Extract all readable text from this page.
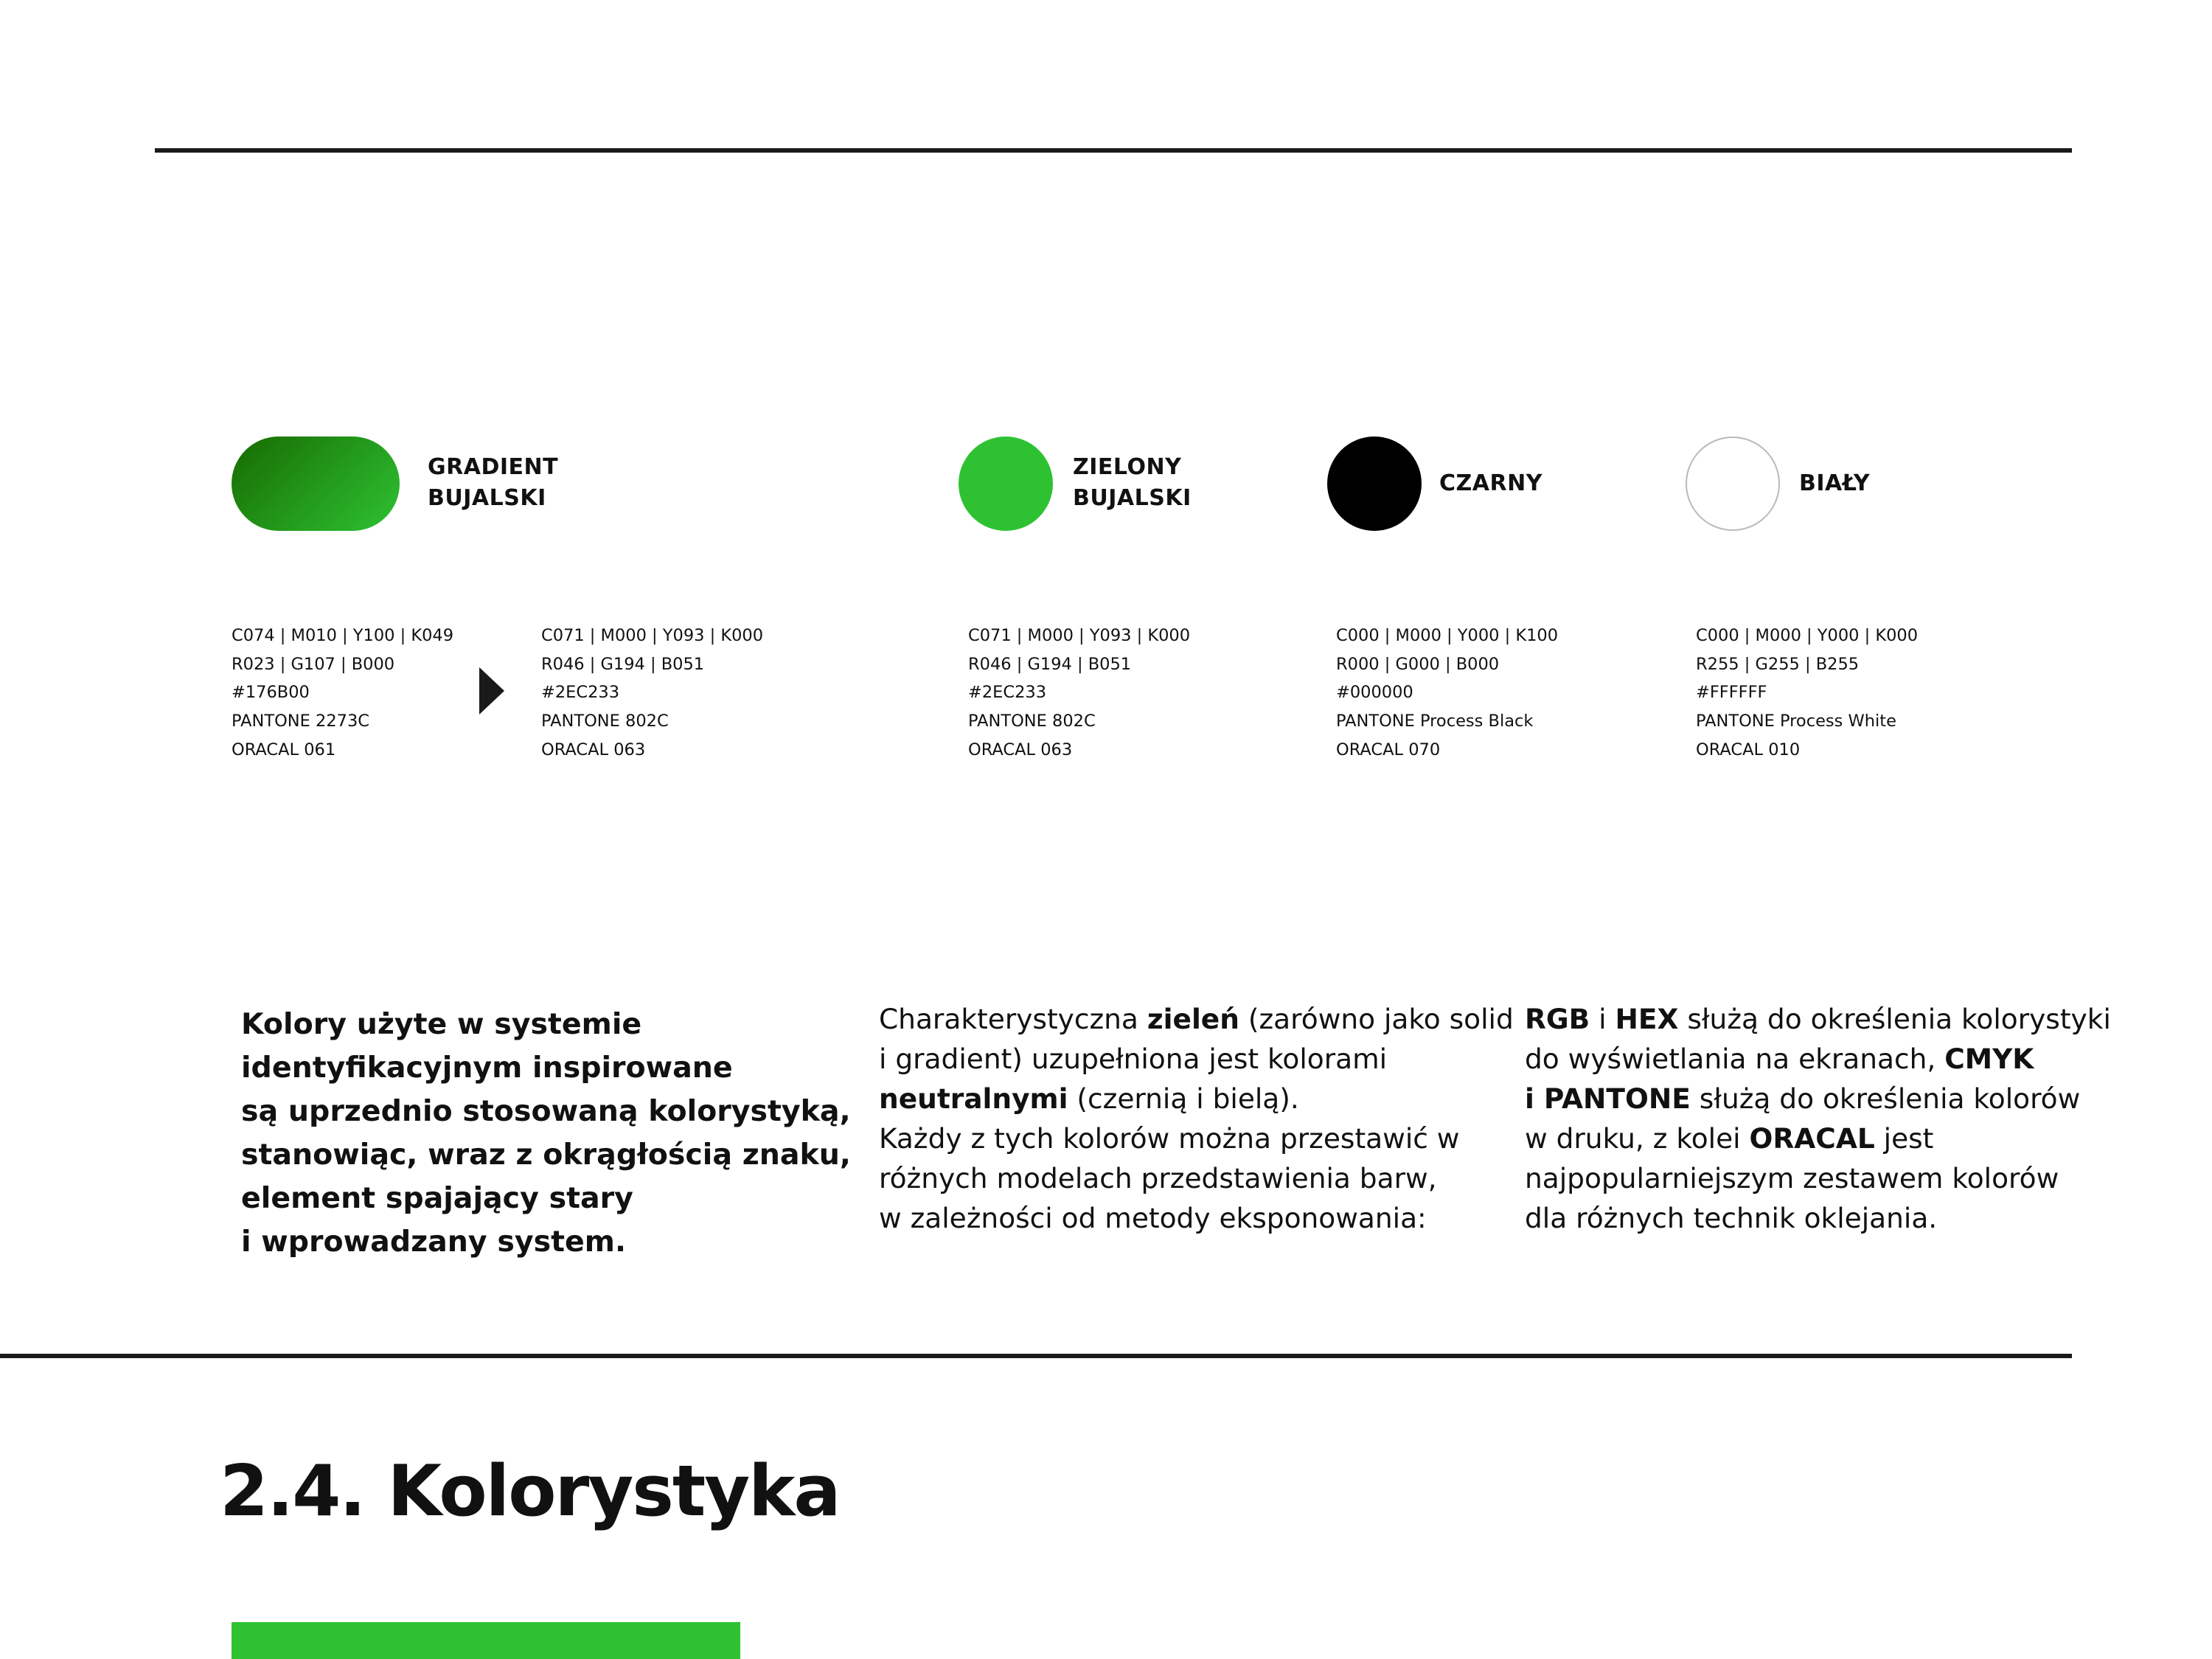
GRADIENT
BUJALSKI
ZIELONY
BUJALSKI
CZARNY	BIAŁY
C074 | M010 | Y100 | K049
R023 | G107 | B000
#176B00
PANTONE 2273C
ORACAL 061
C071 | M000 | Y093 | K000
R046 | G194 | B051
#2EC233
PANTONE 802C
ORACAL 063
C071 | M000 | Y093 | K000
R046 | G194 | B051
#2EC233
PANTONE 802C
ORACAL 063
C000 | M000 | Y000 | K100
R000 | G000 | B000
#000000
PANTONE Process Black
ORACAL 070
C000 | M000 | Y000 | K000
R255 | G255 | B255
#FFFFFF
PANTONE Process White
ORACAL 010
Kolory użyte w systemie
identyfikacyjnym inspirowane
są uprzednio stosowaną kolorystyką,
stanowiąc, wraz z okrągłością znaku,
element spajający stary
i wprowadzany system.
Charakterystyczna zieleń (zarówno jako solid
i gradient) uzupełniona jest kolorami
neutralnymi (czernią i bielą).
Każdy z tych kolorów można przestawić w
różnych modelach przedstawienia barw,
w zależności od metody eksponowania:
RGB i HEX służą do określenia kolorystyki
do wyświetlania na ekranach, CMYK
i PANTONE służą do określenia kolorów
w druku, z kolei ORACAL jest
najpopularniejszym zestawem kolorów
dla różnych technik oklejania.
2.4. Kolorystyka
